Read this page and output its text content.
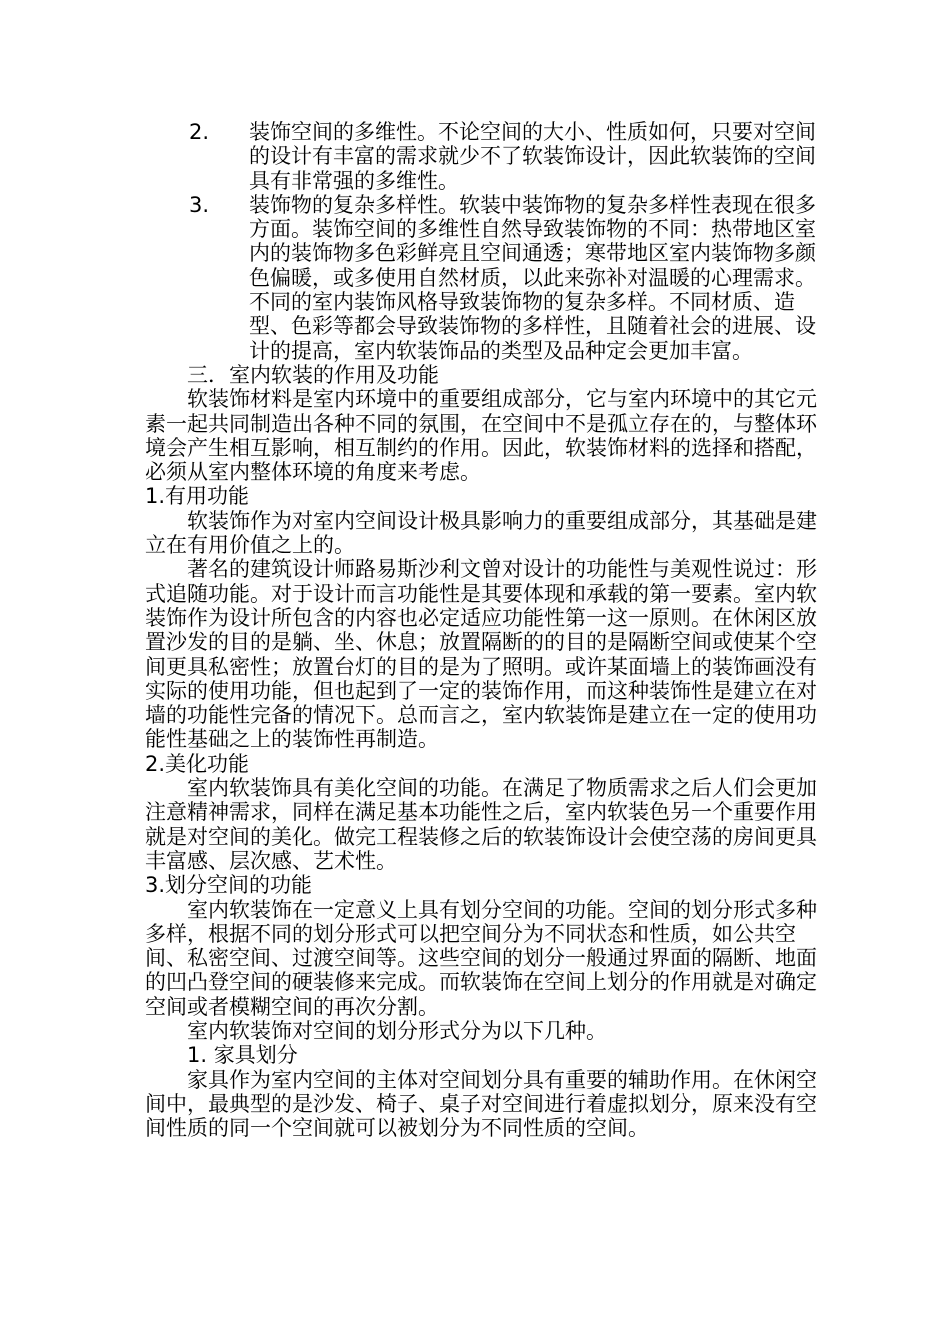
2.	装饰空间的多维性。不论空间的大小、性质如何，只要对空间的设计有丰富的需求就少不了软装饰设计，因此软装饰的空间具有非常强的多维性。
3.	装饰物的复杂多样性。软装中装饰物的复杂多样性表现在很多方面。装饰空间的多维性自然导致装饰物的不同：热带地区室内的装饰物多色彩鲜亮且空间通透；寒带地区室内装饰物多颜色偏暖，或多使用自然材质，以此来弥补对温暖的心理需求。不同的室内装饰风格导致装饰物的复杂多样。不同材质、造型、色彩等都会导致装饰物的多样性，且随着社会的进展、设计的提高，室内软装饰品的类型及品种定会更加丰富。
三．室内软装的作用及功能

软装饰材料是室内环境中的重要组成部分，它与室内环境中的其它元素一起共同制造出各种不同的氛围，在空间中不是孤立存在的，与整体环境会产生相互影响，相互制约的作用。因此，软装饰材料的选择和搭配，必须从室内整体环境的角度来考虑。

1.有用功能

软装饰作为对室内空间设计极具影响力的重要组成部分，其基础是建立在有用价值之上的。

著名的建筑设计师路易斯沙利文曾对设计的功能性与美观性说过：形式追随功能。对于设计而言功能性是其要体现和承载的第一要素。室内软装饰作为设计所包含的内容也必定适应功能性第一这一原则。在休闲区放置沙发的目的是躺、坐、休息；放置隔断的的目的是隔断空间或使某个空间更具私密性；放置台灯的目的是为了照明。或许某面墙上的装饰画没有实际的使用功能，但也起到了一定的装饰作用，而这种装饰性是建立在对墙的功能性完备的情况下。总而言之，室内软装饰是建立在一定的使用功能性基础之上的装饰性再制造。

2.美化功能

室内软装饰具有美化空间的功能。在满足了物质需求之后人们会更加注意精神需求，同样在满足基本功能性之后，室内软装色另一个重要作用就是对空间的美化。做完工程装修之后的软装饰设计会使空荡的房间更具丰富感、层次感、艺术性。

3.划分空间的功能

室内软装饰在一定意义上具有划分空间的功能。空间的划分形式多种多样，根据不同的划分形式可以把空间分为不同状态和性质，如公共空间、私密空间、过渡空间等。这些空间的划分一般通过界面的隔断、地面的凹凸登空间的硬装修来完成。而软装饰在空间上划分的作用就是对确定空间或者模糊空间的再次分割。

室内软装饰对空间的划分形式分为以下几种。

1. 家具划分

家具作为室内空间的主体对空间划分具有重要的辅助作用。在休闲空间中，最典型的是沙发、椅子、桌子对空间进行着虚拟划分，原来没有空间性质的同一个空间就可以被划分为不同性质的空间。
